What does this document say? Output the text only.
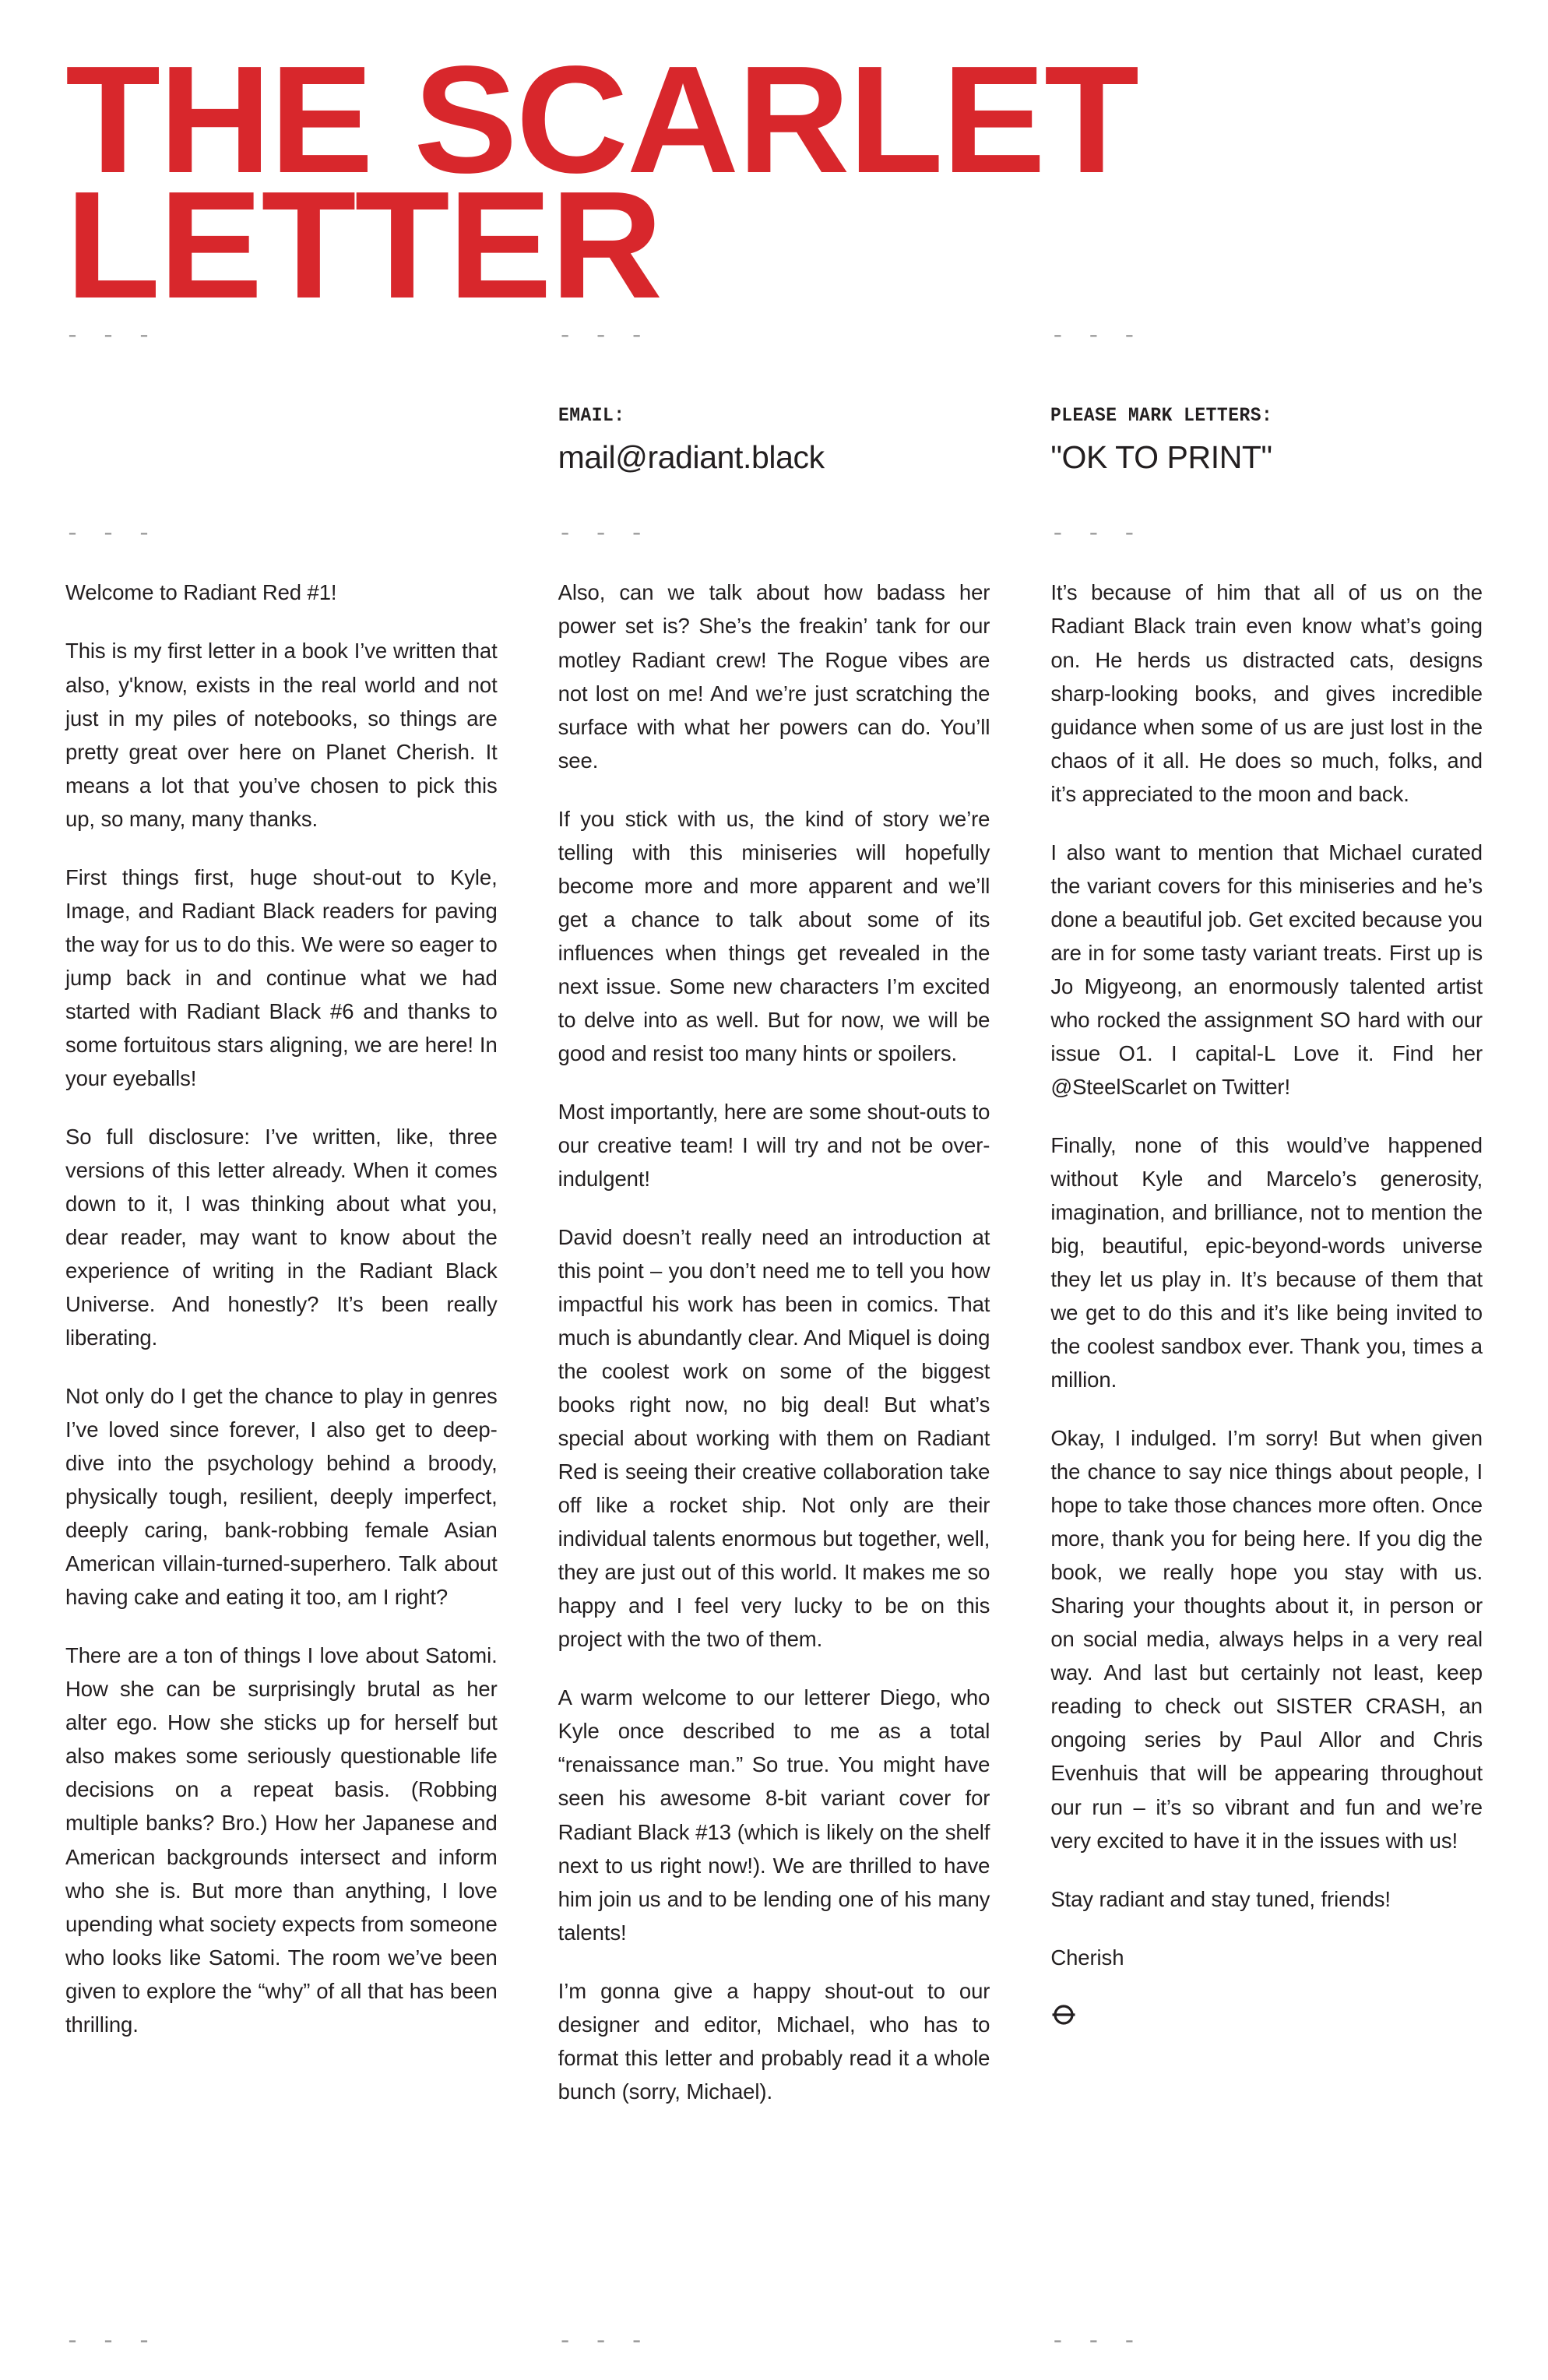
THE SCARLET
LETTER
- - -	- - -	- - -
EMAIL:
mail@radiant.black
PLEASE MARK LETTERS:
"OK TO PRINT"
- - -	- - -	- - -

Welcome to Radiant Red #1!

This is my first letter in a book I’ve written that also, y'know, exists in the real world and not just in my piles of notebooks, so things are pretty great over here on Planet Cherish. It means a lot that you’ve chosen to pick this up, so many, many thanks.

First things first, huge shout-out to Kyle, Image, and Radiant Black readers for paving the way for us to do this. We were so eager to jump back in and continue what we had started with Radiant Black #6 and thanks to some fortuitous stars aligning, we are here! In your eyeballs!

So full disclosure: I’ve written, like, three versions of this letter already. When it comes down to it, I was thinking about what you, dear reader, may want to know about the experience of writing in the Radiant Black Universe. And honestly? It’s been really liberating.

Not only do I get the chance to play in genres I’ve loved since forever, I also get to deep-dive into the psychology behind a broody, physically tough, resilient, deeply imperfect, deeply caring, bank-robbing female Asian American villain-turned-superhero. Talk about having cake and eating it too, am I right?

There are a ton of things I love about Satomi. How she can be surprisingly brutal as her alter ego. How she sticks up for herself but also makes some seriously questionable life decisions on a repeat basis. (Robbing multiple banks? Bro.) How her Japanese and American backgrounds intersect and inform who she is. But more than anything, I love upending what society expects from someone who looks like Satomi. The room we’ve been given to explore the “why” of all that has been thrilling.

Also, can we talk about how badass her power set is? She’s the freakin’ tank for our motley Radiant crew! The Rogue vibes are not lost on me! And we’re just scratching the surface with what her powers can do. You’ll see.

If you stick with us, the kind of story we’re telling with this miniseries will hopefully become more and more apparent and we’ll get a chance to talk about some of its influences when things get revealed in the next issue. Some new characters I’m excited to delve into as well. But for now, we will be good and resist too many hints or spoilers.

Most importantly, here are some shout-outs to our creative team! I will try and not be over-indulgent!

David doesn’t really need an introduction at this point – you don’t need me to tell you how impactful his work has been in comics. That much is abundantly clear. And Miquel is doing the coolest work on some of the biggest books right now, no big deal! But what’s special about working with them on Radiant Red is seeing their creative collaboration take off like a rocket ship. Not only are their individual talents enormous but together, well, they are just out of this world. It makes me so happy and I feel very lucky to be on this project with the two of them.

A warm welcome to our letterer Diego, who Kyle once described to me as a total “renaissance man.” So true. You might have seen his awesome 8-bit variant cover for Radiant Black #13 (which is likely on the shelf next to us right now!). We are thrilled to have him join us and to be lending one of his many talents!

I’m gonna give a happy shout-out to our designer and editor, Michael, who has to format this letter and probably read it a whole bunch (sorry, Michael).

It’s because of him that all of us on the Radiant Black train even know what’s going on. He herds us distracted cats, designs sharp-looking books, and gives incredible guidance when some of us are just lost in the chaos of it all. He does so much, folks, and it’s appreciated to the moon and back.

I also want to mention that Michael curated the variant covers for this miniseries and he’s done a beautiful job. Get excited because you are in for some tasty variant treats. First up is Jo Migyeong, an enormously talented artist who rocked the assignment SO hard with our issue O1. I capital-L Love it. Find her @SteelScarlet on Twitter!

Finally, none of this would’ve happened without Kyle and Marcelo’s generosity, imagination, and brilliance, not to mention the big, beautiful, epic-beyond-words universe they let us play in. It’s because of them that we get to do this and it’s like being invited to the coolest sandbox ever. Thank you, times a million.

Okay, I indulged. I’m sorry! But when given the chance to say nice things about people, I hope to take those chances more often. Once more, thank you for being here. If you dig the book, we really hope you stay with us. Sharing your thoughts about it, in person or on social media, always helps in a very real way. And last but certainly not least, keep reading to check out SISTER CRASH, an ongoing series by Paul Allor and Chris Evenhuis that will be appearing throughout our run – it’s so vibrant and fun and we’re very excited to have it in the issues with us!

Stay radiant and stay tuned, friends!

Cherish

- - -	- - -	- - -
